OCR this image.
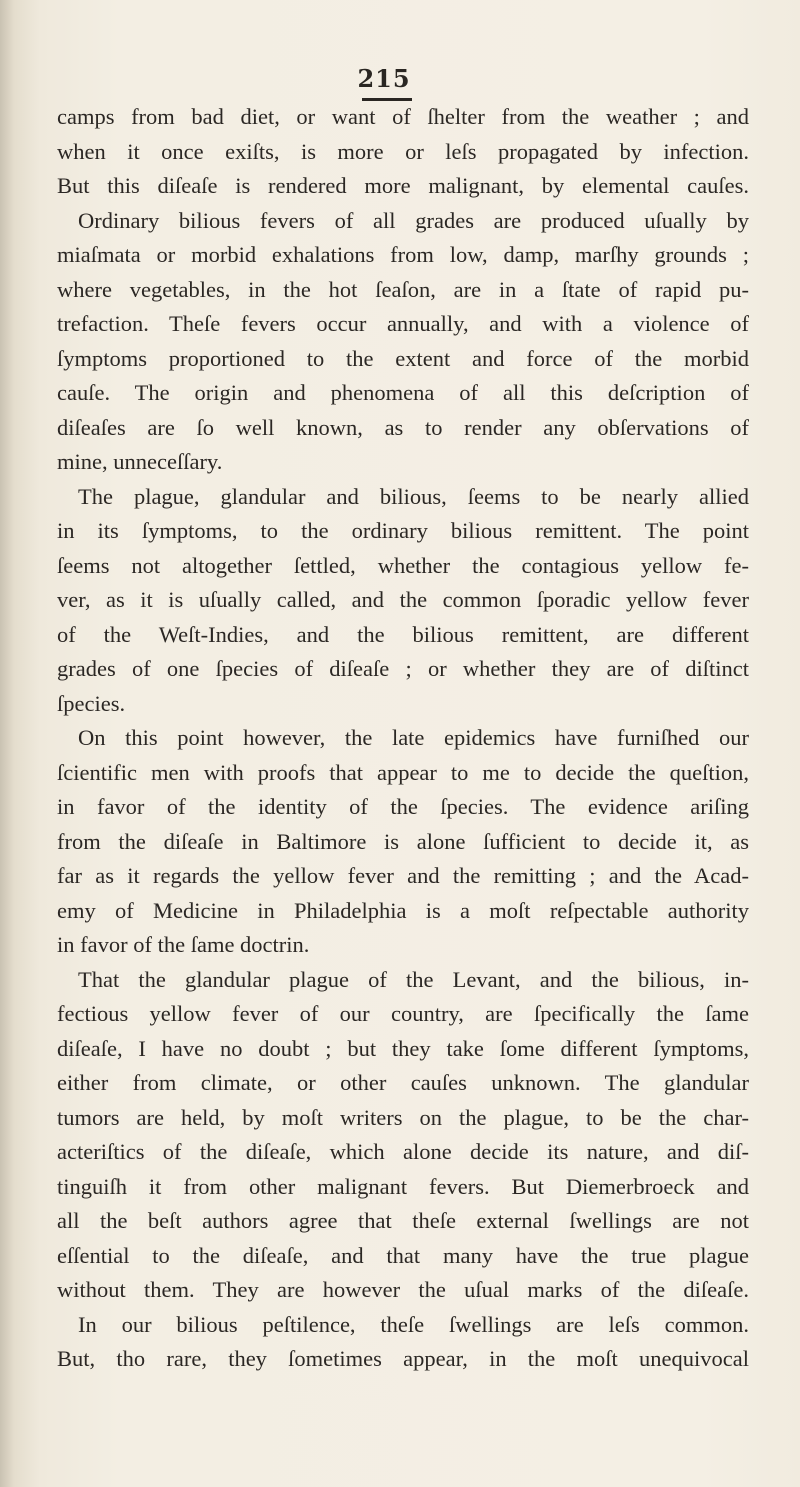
215
camps from bad diet, or want of ſhelter from the weather ; and
when it once exiſts, is more or leſs propagated by infection.
But this diſeaſe is rendered more malignant, by elemental cauſes.
Ordinary bilious fevers of all grades are produced uſually by
miaſmata or morbid exhalations from low, damp, marſhy grounds ;
where vegetables, in the hot ſeaſon, are in a ſtate of rapid pu-
trefaction. Theſe fevers occur annually, and with a violence of
ſymptoms proportioned to the extent and force of the morbid
cauſe. The origin and phenomena of all this deſcription of
diſeaſes are ſo well known, as to render any obſervations of
mine, unneceſſary.
The plague, glandular and bilious, ſeems to be nearly allied
in its ſymptoms, to the ordinary bilious remittent. The point
ſeems not altogether ſettled, whether the contagious yellow fe-
ver, as it is uſually called, and the common ſporadic yellow fever
of the Weſt-Indies, and the bilious remittent, are different
grades of one ſpecies of diſeaſe ; or whether they are of diſtinct
ſpecies.
On this point however, the late epidemics have furniſhed our
ſcientific men with proofs that appear to me to decide the queſtion,
in favor of the identity of the ſpecies. The evidence ariſing
from the diſeaſe in Baltimore is alone ſufficient to decide it, as
far as it regards the yellow fever and the remitting ; and the Acad-
emy of Medicine in Philadelphia is a moſt reſpectable authority
in favor of the ſame doctrin.
That the glandular plague of the Levant, and the bilious, in-
fectious yellow fever of our country, are ſpecifically the ſame
diſeaſe, I have no doubt ; but they take ſome different ſymptoms,
either from climate, or other cauſes unknown. The glandular
tumors are held, by moſt writers on the plague, to be the char-
acteriſtics of the diſeaſe, which alone decide its nature, and diſ-
tinguiſh it from other malignant fevers. But Diemerbroeck and
all the beſt authors agree that theſe external ſwellings are not
eſſential to the diſeaſe, and that many have the true plague
without them. They are however the uſual marks of the diſeaſe.
In our bilious peſtilence, theſe ſwellings are leſs common.
But, tho rare, they ſometimes appear, in the moſt unequivocal
